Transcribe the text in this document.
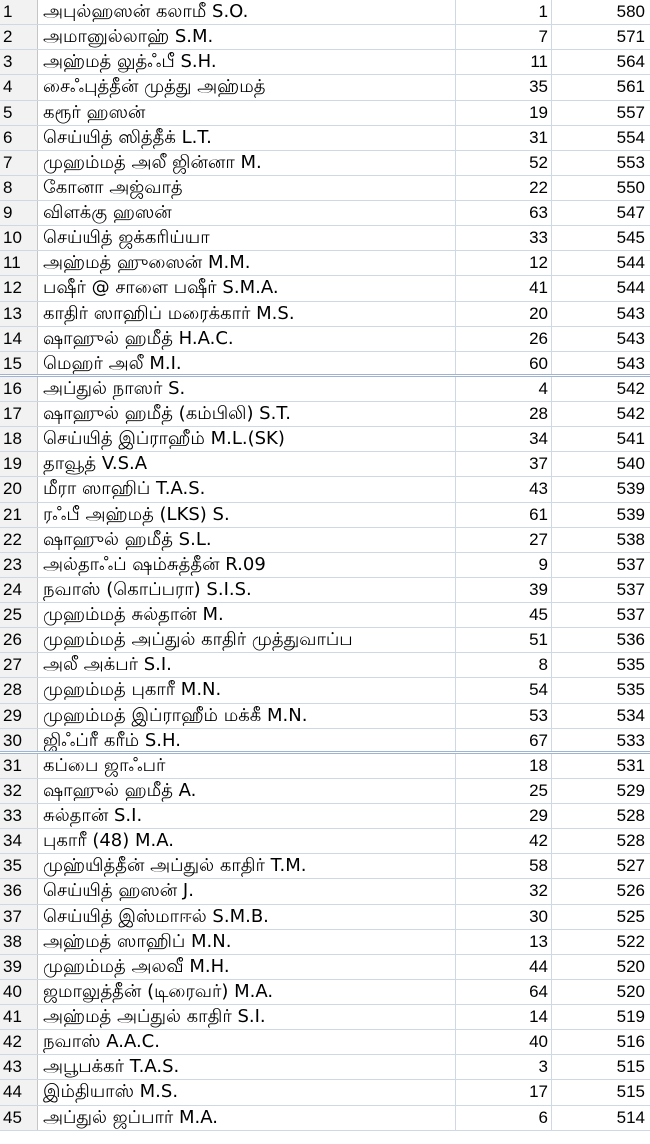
1	அபுல்ஹஸன் கலாமீ S.O.	1	580
2	அமானுல்லாஹ் S.M.	7	571
3	அஹ்மத் லுத்ஃபீ S.H.	11	564
4	சைஃபுத்தீன் முத்து அஹ்மத்	35	561
5	கரூர் ஹஸன்	19	557
6	செய்யித் ஸித்தீக் L.T.	31	554
7	முஹம்மத் அலீ ஜின்னா M.	52	553
8	கோனா அஜ்வாத்	22	550
9	விளக்கு ஹஸன்	63	547
10	செய்யித் ஜக்கரிய்யா	33	545
11	அஹ்மத் ஹுஸைன் M.M.	12	544
12	பஷீர் @ சாளை பஷீர் S.M.A.	41	544
13	காதிர் ஸாஹிப் மரைக்கார் M.S.	20	543
14	ஷாஹுல் ஹமீத் H.A.C.	26	543
15	மெஹர் அலீ M.I.	60	543
16	அப்துல் நாஸர் S.	4	542
17	ஷாஹுல் ஹமீத் (கம்பிலி) S.T.	28	542
18	செய்யித் இப்ராஹீம் M.L.(SK)	34	541
19	தாவூத் V.S.A	37	540
20	மீரா ஸாஹிப் T.A.S.	43	539
21	ரஃபீ அஹ்மத் (LKS) S.	61	539
22	ஷாஹுல் ஹமீத் S.L.	27	538
23	அல்தாஃப் ஷம்சுத்தீன் R.09	9	537
24	நவாஸ் (கொப்பரா) S.I.S.	39	537
25	முஹம்மத் சுல்தான் M.	45	537
26	முஹம்மத் அப்துல் காதிர் முத்துவாப்ப	51	536
27	அலீ அக்பர் S.I.	8	535
28	முஹம்மத் புகாரீ M.N.	54	535
29	முஹம்மத் இப்ராஹீம் மக்கீ M.N.	53	534
30	ஜிஃப்ரீ கரீம் S.H.	67	533
31	கப்பை ஜாஃபர்	18	531
32	ஷாஹுல் ஹமீத் A.	25	529
33	சுல்தான் S.I.	29	528
34	புகாரீ (48) M.A.	42	528
35	முஹ்யித்தீன் அப்துல் காதிர் T.M.	58	527
36	செய்யித் ஹஸன் J.	32	526
37	செய்யித் இஸ்மாஈல் S.M.B.	30	525
38	அஹ்மத் ஸாஹிப் M.N.	13	522
39	முஹம்மத் அலவீ M.H.	44	520
40	ஜமாலுத்தீன் (டிரைவர்) M.A.	64	520
41	அஹ்மத் அப்துல் காதிர் S.I.	14	519
42	நவாஸ் A.A.C.	40	516
43	அபூபக்கர் T.A.S.	3	515
44	இம்தியாஸ் M.S.	17	515
45	அப்துல் ஜப்பார் M.A.	6	514
